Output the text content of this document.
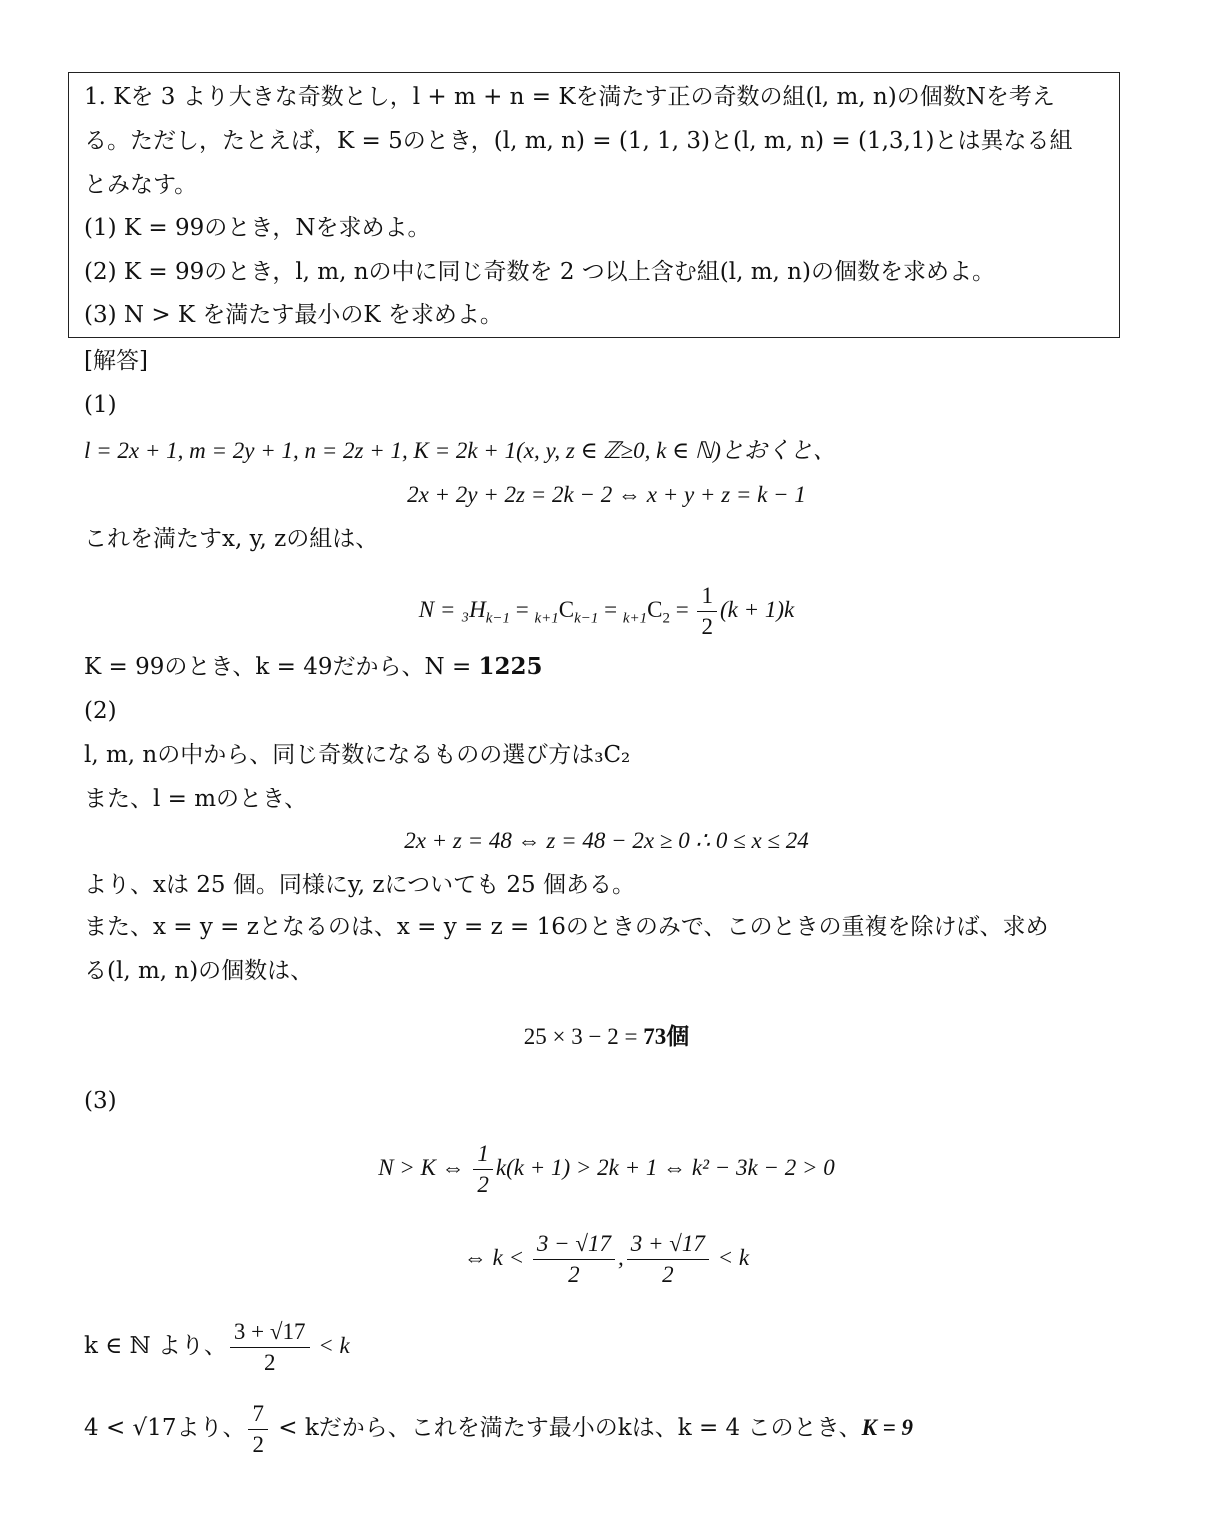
1. Kを 3 より大きな奇数とし，l + m + n = Kを満たす正の奇数の組(l, m, n)の個数Nを考え
る。ただし，たとえば，K = 5のとき，(l, m, n) = (1, 1, 3)と(l, m, n) = (1,3,1)とは異なる組
とみなす。
(1) K = 99のとき，Nを求めよ。
(2) K = 99のとき，l, m, nの中に同じ奇数を 2 つ以上含む組(l, m, n)の個数を求めよ。
(3) N > K を満たす最小のK を求めよ。
[解答]
(1)
l = 2x + 1, m = 2y + 1, n = 2z + 1, K = 2k + 1(x, y, z ∈ ℤ≥0, k ∈ ℕ)とおくと、
2x + 2y + 2z = 2k − 2 ⇔ x + y + z = k − 1
これを満たすx, y, zの組は、
$N = _3H_{k-1} = _{k+1}C_{k-1} = _{k+1}C_2 = \frac{1}{2} (k + 1)k$
K = 99のとき、k = 49だから、N = 1225
(2)
l, m, nの中から、同じ奇数になるものの選び方は₃C₂
また、l = mのとき、
2x + z = 48 ⇔ z = 48 − 2x ≥ 0 ∴ 0 ≤ x ≤ 24
より、xは 25 個。同様にy, zについても 25 個ある。
また、x = y = zとなるのは、x = y = z = 16のときのみで、このときの重複を除けば、求め
る(l, m, n)の個数は、
25 × 3 − 2 = 73個
(3)
N > K ⇔ $\frac{1}{2} k(k + 1) > 2k + 1$ ⇔ k² − 3k − 2 > 0
⇔ $k < \frac{3 - √17}{2}$ , $\frac{3 + √17}{2} < k$
k ∈ ℕ より、 $\frac{3 + √17}{2} < k$
4 < √17より、 $\frac{7}{2} < k$だから、これを満たす最小のkは、k = 4 このとき、K = 9
